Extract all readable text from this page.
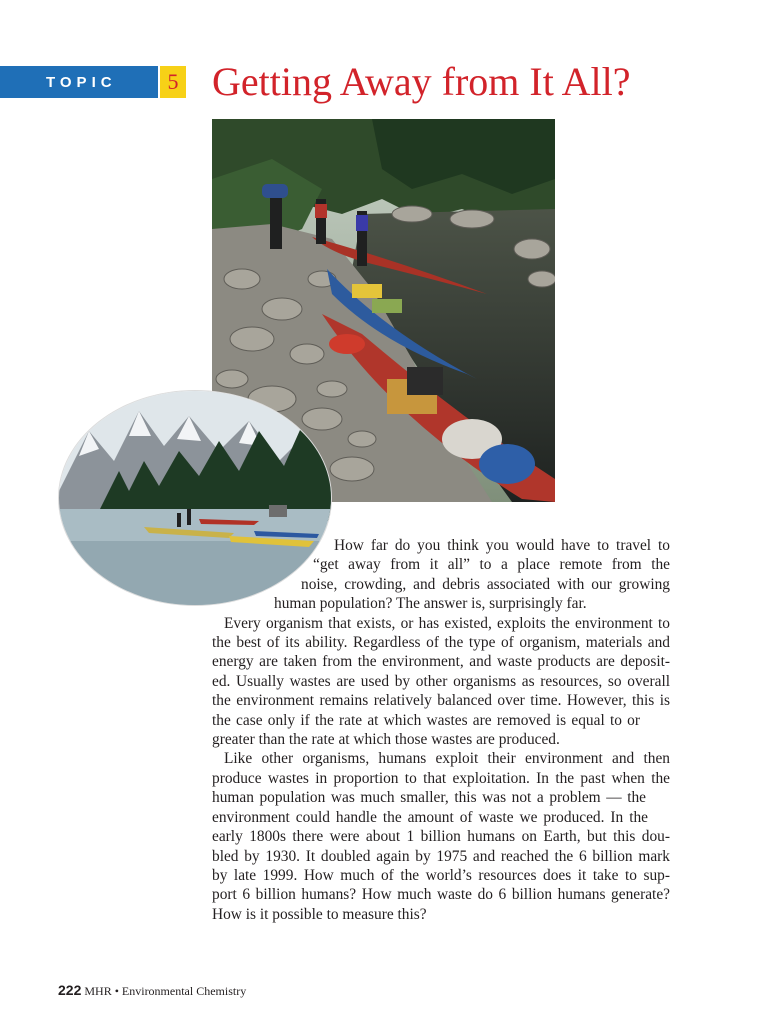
TOPIC	5 Getting Away from It All?
How far do you think you would have to travel to
“get away from it all” to a place remote from the
noise, crowding, and debris associated with our growing
human population? The answer is, surprisingly far.
Every organism that exists, or has existed, exploits the environment to
the best of its ability. Regardless of the type of organism, materials and
energy are taken from the environment, and waste products are deposit-
ed. Usually wastes are used by other organisms as resources, so overall
the environment remains relatively balanced over time. However, this is
the case only if the rate at which wastes are removed is equal to or
greater than the rate at which those wastes are produced.
Like other organisms, humans exploit their environment and then
produce wastes in proportion to that exploitation. In the past when the
human population was much smaller, this was not a problem — the
environment could handle the amount of waste we produced. In the
early 1800s there were about 1 billion humans on Earth, but this dou-
bled by 1930. It doubled again by 1975 and reached the 6 billion mark
by late 1999. How much of the world’s resources does it take to sup-
port 6 billion humans? How much waste do 6 billion humans generate?
How is it possible to measure this?
222 MHR • Environmental Chemistry
